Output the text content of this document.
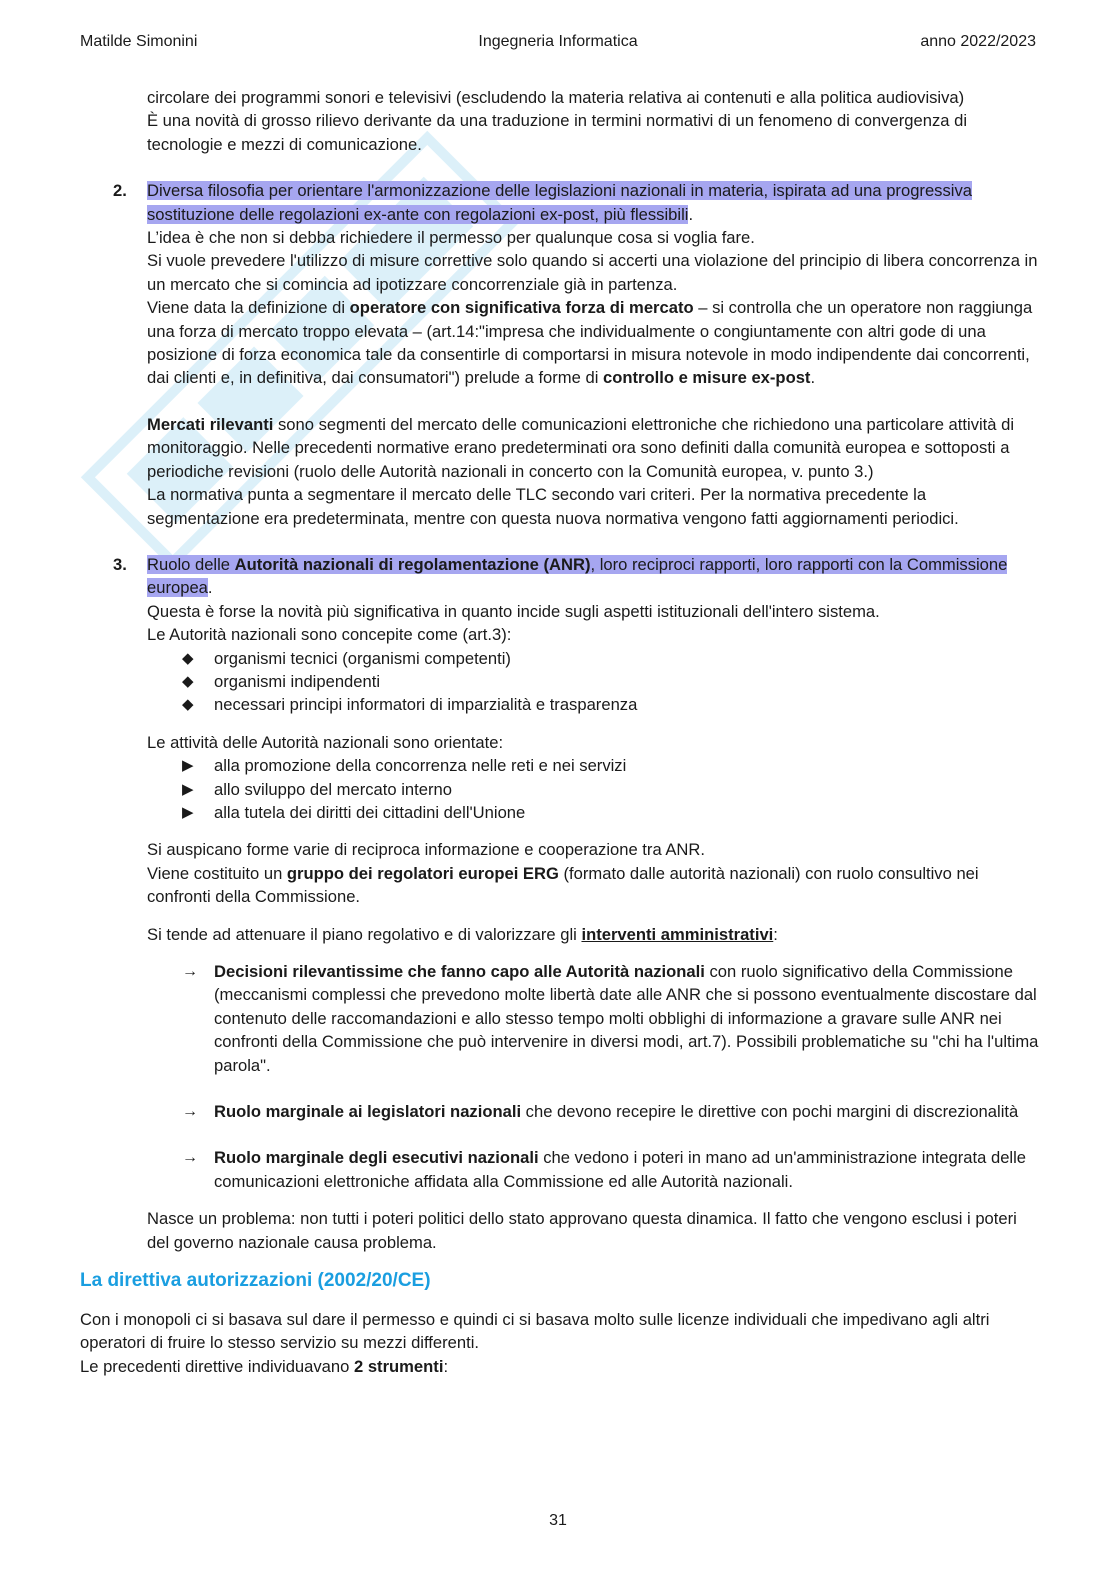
Matilde Simonini	Ingegneria Informatica	anno 2022/2023

circolare dei programmi sonori e televisivi (escludendo la materia relativa ai contenuti e alla politica audiovisiva)

È una novità di grosso rilievo derivante da una traduzione in termini normativi di un fenomeno di convergenza di tecnologie e mezzi di comunicazione.

2. Diversa filosofia per orientare l'armonizzazione delle legislazioni nazionali in materia, ispirata ad una progressiva sostituzione delle regolazioni ex-ante con regolazioni ex-post, più flessibili.

L’idea è che non si debba richiedere il permesso per qualunque cosa si voglia fare.

Si vuole prevedere l'utilizzo di misure correttive solo quando si accerti una violazione del principio di libera concorrenza in un mercato che si comincia ad ipotizzare concorrenziale già in partenza.

Viene data la definizione di operatore con significativa forza di mercato – si controlla che un operatore non raggiunga una forza di mercato troppo elevata – (art.14:"impresa che individualmente o congiuntamente con altri gode di una posizione di forza economica tale da consentirle di comportarsi in misura notevole in modo indipendente dai concorrenti, dai clienti e, in definitiva, dai consumatori") prelude a forme di controllo e misure ex-post.

Mercati rilevanti sono segmenti del mercato delle comunicazioni elettroniche che richiedono una particolare attività di monitoraggio. Nelle precedenti normative erano predeterminati ora sono definiti dalla comunità europea e sottoposti a periodiche revisioni (ruolo delle Autorità nazionali in concerto con la Comunità europea, v. punto 3.)

La normativa punta a segmentare il mercato delle TLC secondo vari criteri. Per la normativa precedente la segmentazione era predeterminata, mentre con questa nuova normativa vengono fatti aggiornamenti periodici.

3. Ruolo delle Autorità nazionali di regolamentazione (ANR), loro reciproci rapporti, loro rapporti con la Commissione europea.

Questa è forse la novità più significativa in quanto incide sugli aspetti istituzionali dell'intero sistema.

Le Autorità nazionali sono concepite come (art.3):

◆ organismi tecnici (organismi competenti)
◆ organismi indipendenti
◆ necessari principi informatori di imparzialità e trasparenza

Le attività delle Autorità nazionali sono orientate:

▶ alla promozione della concorrenza nelle reti e nei servizi
▶ allo sviluppo del mercato interno
▶ alla tutela dei diritti dei cittadini dell'Unione

Si auspicano forme varie di reciproca informazione e cooperazione tra ANR.

Viene costituito un gruppo dei regolatori europei ERG (formato dalle autorità nazionali) con ruolo consultivo nei confronti della Commissione.

Si tende ad attenuare il piano regolativo e di valorizzare gli interventi amministrativi:

→ Decisioni rilevantissime che fanno capo alle Autorità nazionali con ruolo significativo della Commissione (meccanismi complessi che prevedono molte libertà date alle ANR che si possono eventualmente discostare dal contenuto delle raccomandazioni e allo stesso tempo molti obblighi di informazione a gravare sulle ANR nei confronti della Commissione che può intervenire in diversi modi, art.7). Possibili problematiche su "chi ha l'ultima parola".
→ Ruolo marginale ai legislatori nazionali che devono recepire le direttive con pochi margini di discrezionalità
→ Ruolo marginale degli esecutivi nazionali che vedono i poteri in mano ad un'amministrazione integrata delle comunicazioni elettroniche affidata alla Commissione ed alle Autorità nazionali.

Nasce un problema: non tutti i poteri politici dello stato approvano questa dinamica. Il fatto che vengono esclusi i poteri del governo nazionale causa problema.

La direttiva autorizzazioni (2002/20/CE)

Con i monopoli ci si basava sul dare il permesso e quindi ci si basava molto sulle licenze individuali che impedivano agli altri operatori di fruire lo stesso servizio su mezzi differenti.

Le precedenti direttive individuavano 2 strumenti:

31
